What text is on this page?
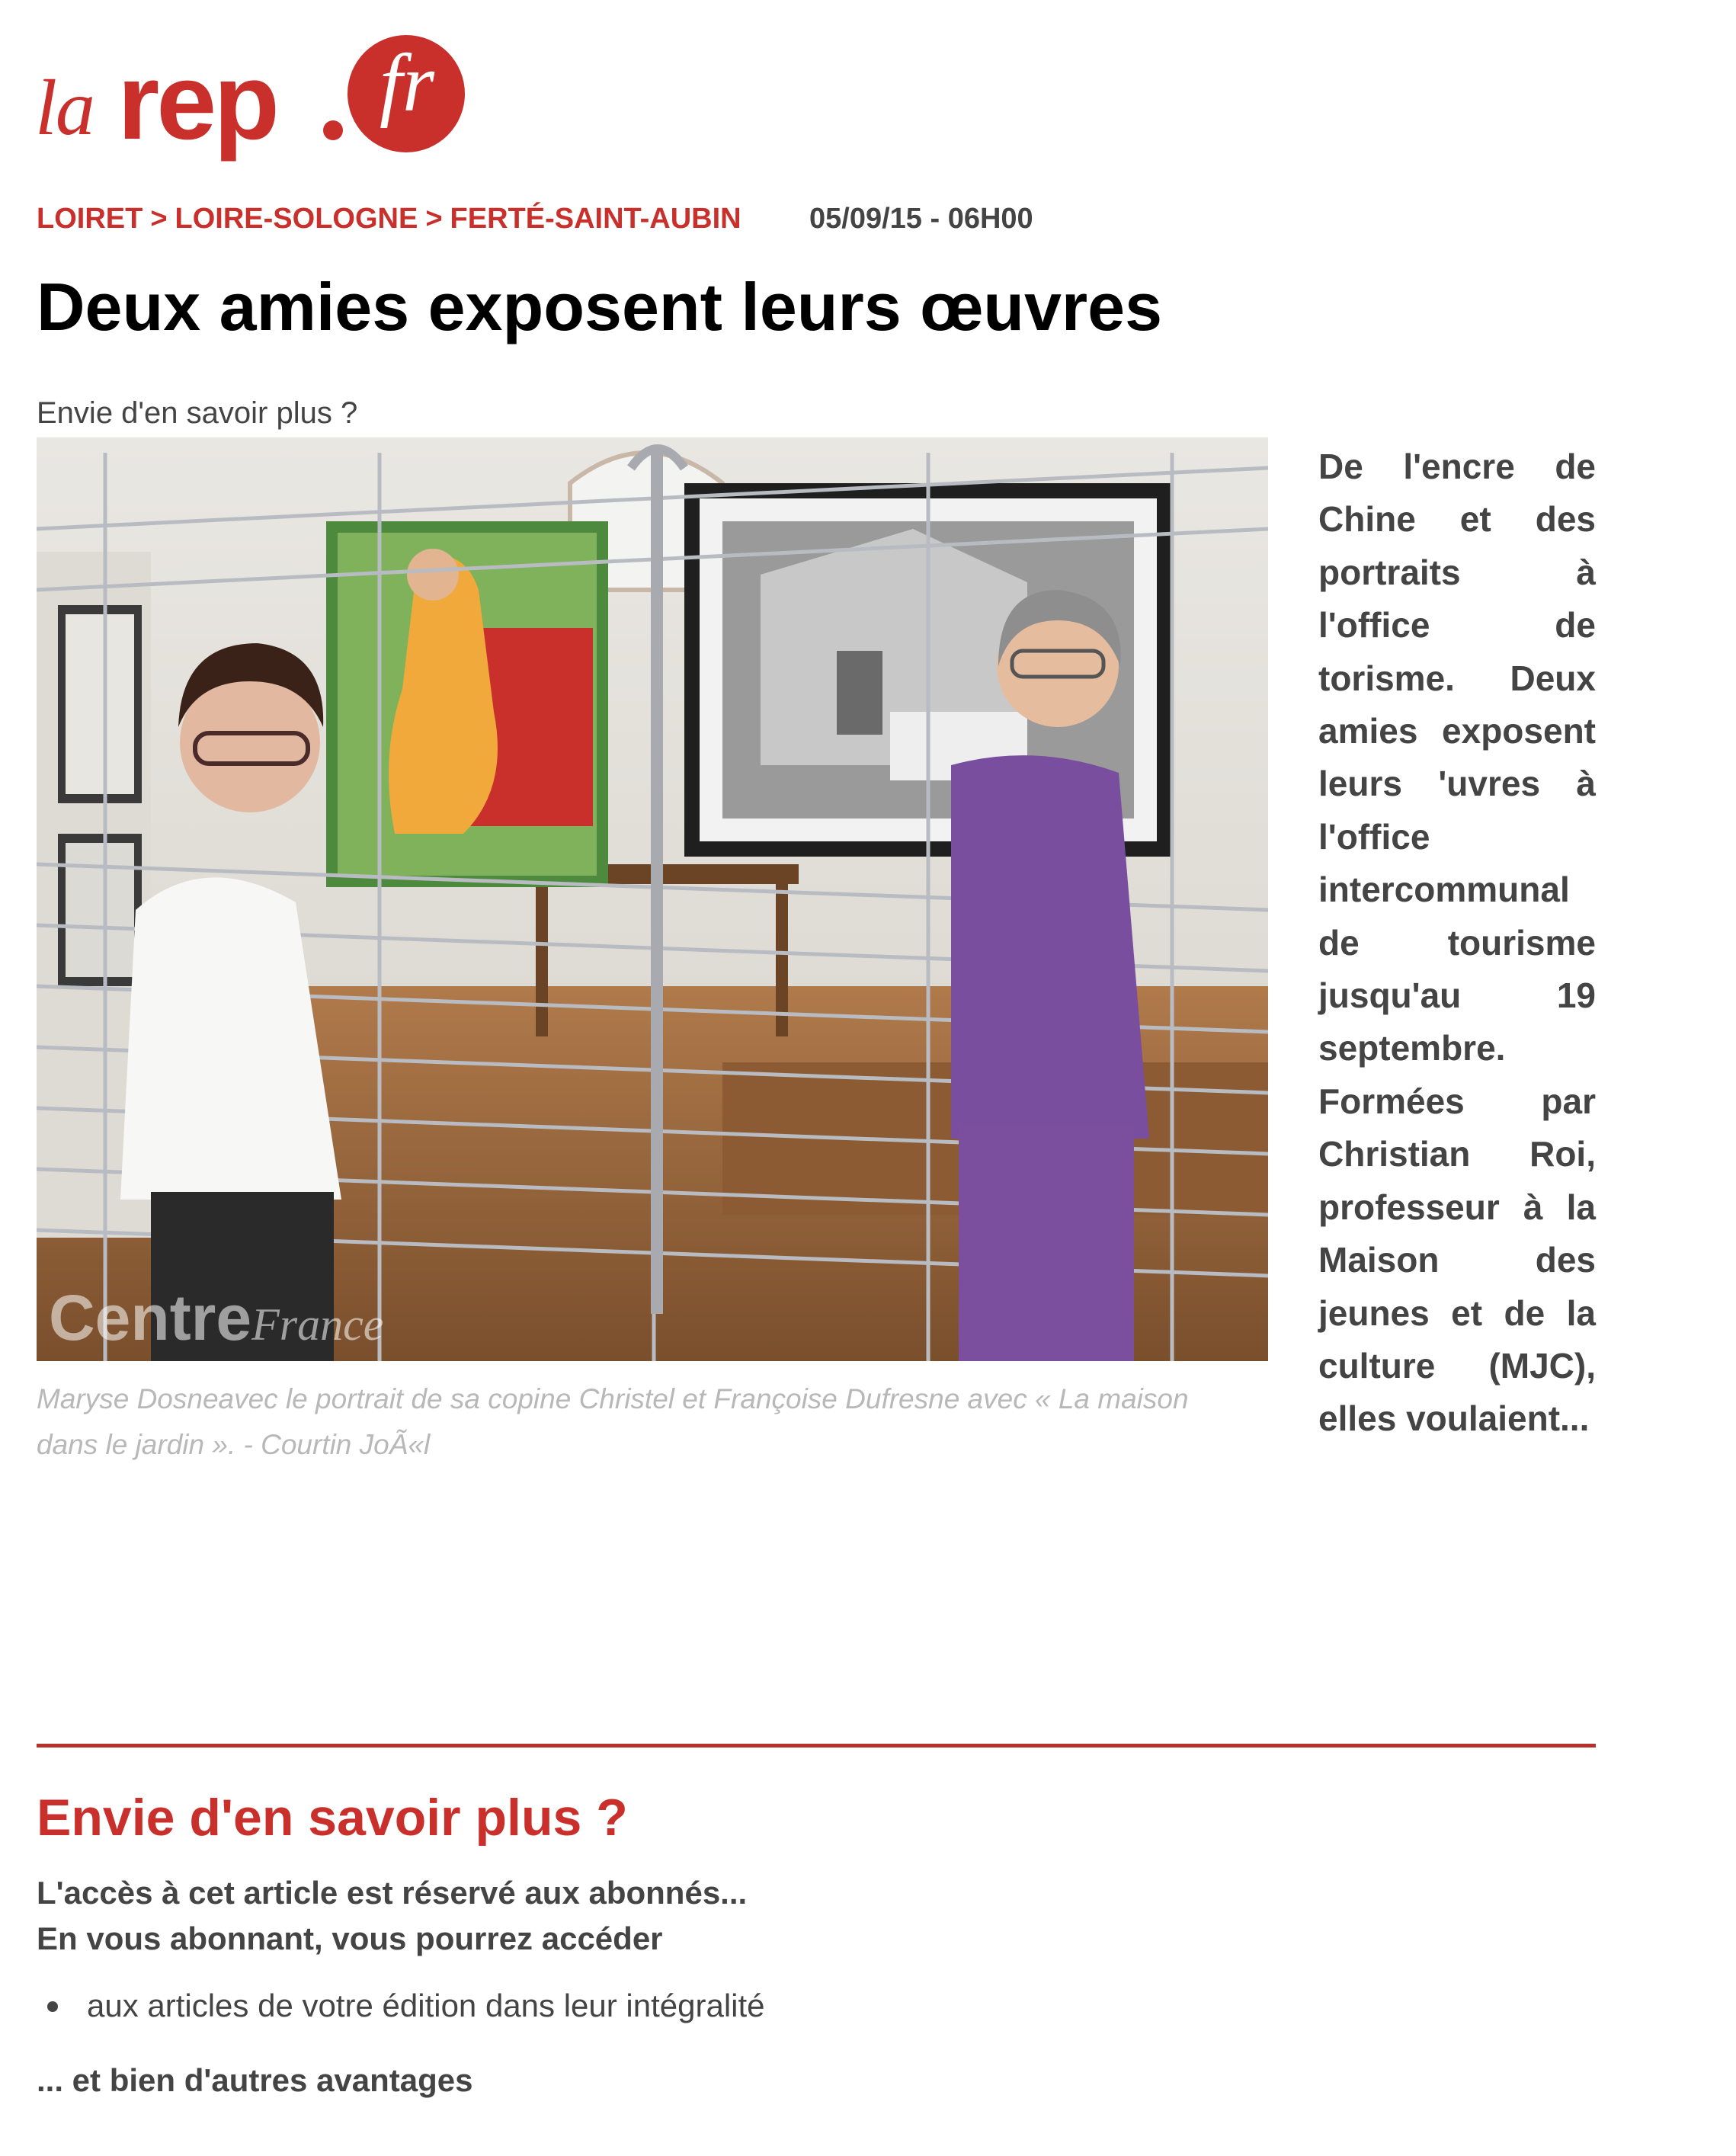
la rep	fr
LOIRET > LOIRE-SOLOGNE > FERTÉ-SAINT-AUBIN 05/09/15 - 06H00
Deux amies exposent leurs œuvres
Envie d'en savoir plus ?
CentreFrance
Maryse Dosneavec le portrait de sa copine Christel et Françoise Dufresne avec « La maison dans le jardin ». - Courtin JoÃ«l

De l'encre de Chine et des portraits à l'office de torisme. Deux amies exposent leurs 'uvres à l'office intercommunal de tourisme jusqu'au 19 septembre. Formées par Christian Roi, professeur à la Maison des jeunes et de la culture (MJC), elles voulaient...

Envie d'en savoir plus ?
L'accès à cet article est réservé aux abonnés...
En vous abonnant, vous pourrez accéder
aux articles de votre édition dans leur intégralité
... et bien d'autres avantages
